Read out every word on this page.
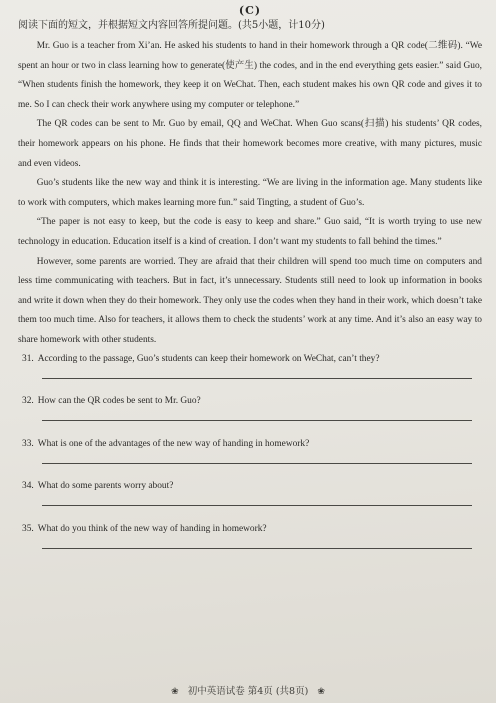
(C)
阅读下面的短文，并根据短文内容回答所提问题。(共5小题，计10分)

Mr. Guo is a teacher from Xi’an. He asked his students to hand in their homework through a QR code(二维码). “We spent an hour or two in class learning how to generate(使产生) the codes, and in the end everything gets easier.” said Guo, “When students finish the homework, they keep it on WeChat. Then, each student makes his own QR code and gives it to me. So I can check their work anywhere using my computer or telephone.”

The QR codes can be sent to Mr. Guo by email, QQ and WeChat. When Guo scans(扫描) his students’ QR codes, their homework appears on his phone. He finds that their homework becomes more creative, with many pictures, music and even videos.

Guo’s students like the new way and think it is interesting. “We are living in the information age. Many students like to work with computers, which makes learning more fun.” said Tingting, a student of Guo’s.

“The paper is not easy to keep, but the code is easy to keep and share.” Guo said, “It is worth trying to use new technology in education. Education itself is a kind of creation. I don’t want my students to fall behind the times.”

However, some parents are worried. They are afraid that their children will spend too much time on computers and less time communicating with teachers. But in fact, it’s unnecessary. Students still need to look up information in books and write it down when they do their homework. They only use the codes when they hand in their work, which doesn’t take them too much time. Also for teachers, it allows them to check the students’ work at any time. And it’s also an easy way to share homework with other students.

31. According to the passage, Guo’s students can keep their homework on WeChat, can’t they?
32. How can the QR codes be sent to Mr. Guo?
33. What is one of the advantages of the new way of handing in homework?
34. What do some parents worry about?
35. What do you think of the new way of handing in homework?
❀ 初中英语试卷 第4页 (共8页) ❀
